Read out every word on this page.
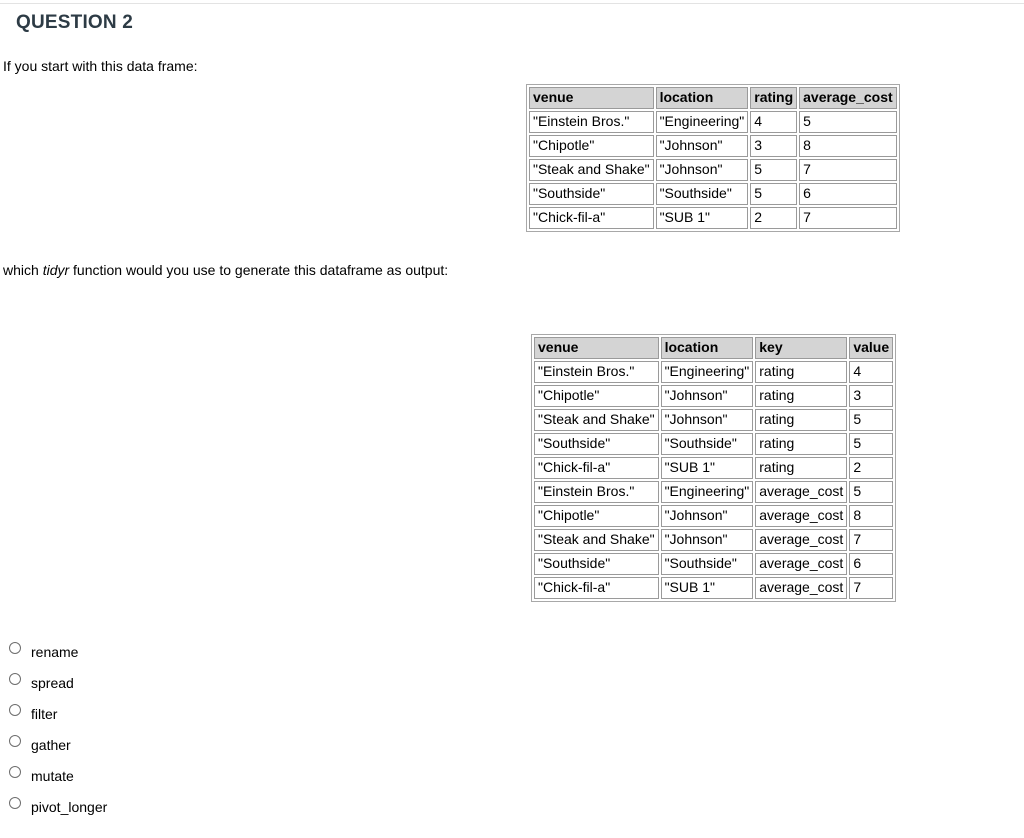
QUESTION 2
If you start with this data frame:
venue	location	rating	average_cost
"Einstein Bros."	"Engineering"	4	5
"Chipotle"	"Johnson"	3	8
"Steak and Shake"	"Johnson"	5	7
"Southside"	"Southside"	5	6
"Chick-fil-a"	"SUB 1"	2	7
which tidyr function would you use to generate this dataframe as output:
venue	location	key	value
"Einstein Bros."	"Engineering"	rating	4
"Chipotle"	"Johnson"	rating	3
"Steak and Shake"	"Johnson"	rating	5
"Southside"	"Southside"	rating	5
"Chick-fil-a"	"SUB 1"	rating	2
"Einstein Bros."	"Engineering"	average_cost	5
"Chipotle"	"Johnson"	average_cost	8
"Steak and Shake"	"Johnson"	average_cost	7
"Southside"	"Southside"	average_cost	6
"Chick-fil-a"	"SUB 1"	average_cost	7
rename
spread
filter
gather
mutate
pivot_longer
